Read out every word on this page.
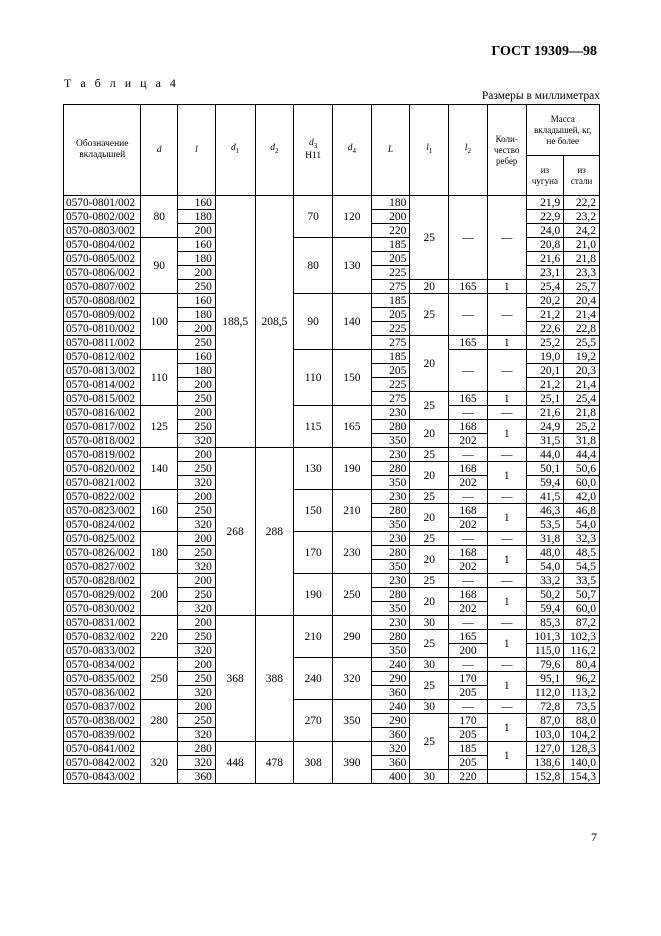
ГОСТ 19309—98
Т а б л и ц а 4
Размеры в миллиметрах
Обозначение вкладышей	d	l	$d_1$	$d_2$	$d_3$
H11	$d_4$	L	$l_1$	$l_2$	Коли-чество ребер	Масса вкладышей, кг, не более	
											из чугуна	из стали
0570-0801/002	80	160	188,5	208,5	70	120	180	25	—	—	21,9	22,2
0570-0802/002		180					200				22,9	23,2
0570-0803/002		200					220				24,0	24,2
0570-0804/002	90	160			80	130	185				20,8	21,0
0570-0805/002		180					205				21,6	21,8
0570-0806/002		200					225				23,1	23,3
0570-0807/002		250					275	20	165	1	25,4	25,7
0570-0808/002	100	160			90	140	185	25	—	—	20,2	20,4
0570-0809/002		180					205				21,2	21,4
0570-0810/002		200					225				22,6	22,8
0570-0811/002		250					275	20	165	1	25,2	25,5
0570-0812/002	110	160			110	150	185		—	—	19,0	19,2
0570-0813/002		180					205				20,1	20,3
0570-0814/002		200					225				21,2	21,4
0570-0815/002		250					275	25	165	1	25,1	25,4
0570-0816/002	125	200			115	165	230		—	—	21,6	21,8
0570-0817/002		250					280	20	168	1	24,9	25,2
0570-0818/002		320					350		202		31,5	31,8
0570-0819/002	140	200	268	288	130	190	230	25	—	—	44,0	44,4
0570-0820/002		250					280	20	168	1	50,1	50,6
0570-0821/002		320					350		202		59,4	60,0
0570-0822/002	160	200			150	210	230	25	—	—	41,5	42,0
0570-0823/002		250					280	20	168	1	46,3	46,8
0570-0824/002		320					350		202		53,5	54,0
0570-0825/002	180	200			170	230	230	25	—	—	31,8	32,3
0570-0826/002		250					280	20	168	1	48,0	48,5
0570-0827/002		320					350		202		54,0	54,5
0570-0828/002	200	200			190	250	230	25	—	—	33,2	33,5
0570-0829/002		250					280	20	168	1	50,2	50,7
0570-0830/002		320					350		202		59,4	60,0
0570-0831/002	220	200	368	388	210	290	230	30	—	—	85,3	87,2
0570-0832/002		250					280	25	165	1	101,3	102,3
0570-0833/002		320					350		200		115,0	116,2
0570-0834/002	250	200			240	320	240	30	—	—	79,6	80,4
0570-0835/002		250					290	25	170	1	95,1	96,2
0570-0836/002		320					360		205		112,0	113,2
0570-0837/002	280	200			270	350	240	30	—	—	72,8	73,5
0570-0838/002		250					290	25	170	1	87,0	88,0
0570-0839/002		320					360		205		103,0	104,2
0570-0841/002	320	280	448	478	308	390	320		185	1	127,0	128,3
0570-0842/002		320					360		205		138,6	140,0
0570-0843/002		360					400	30	220		152,8	154,3
7
